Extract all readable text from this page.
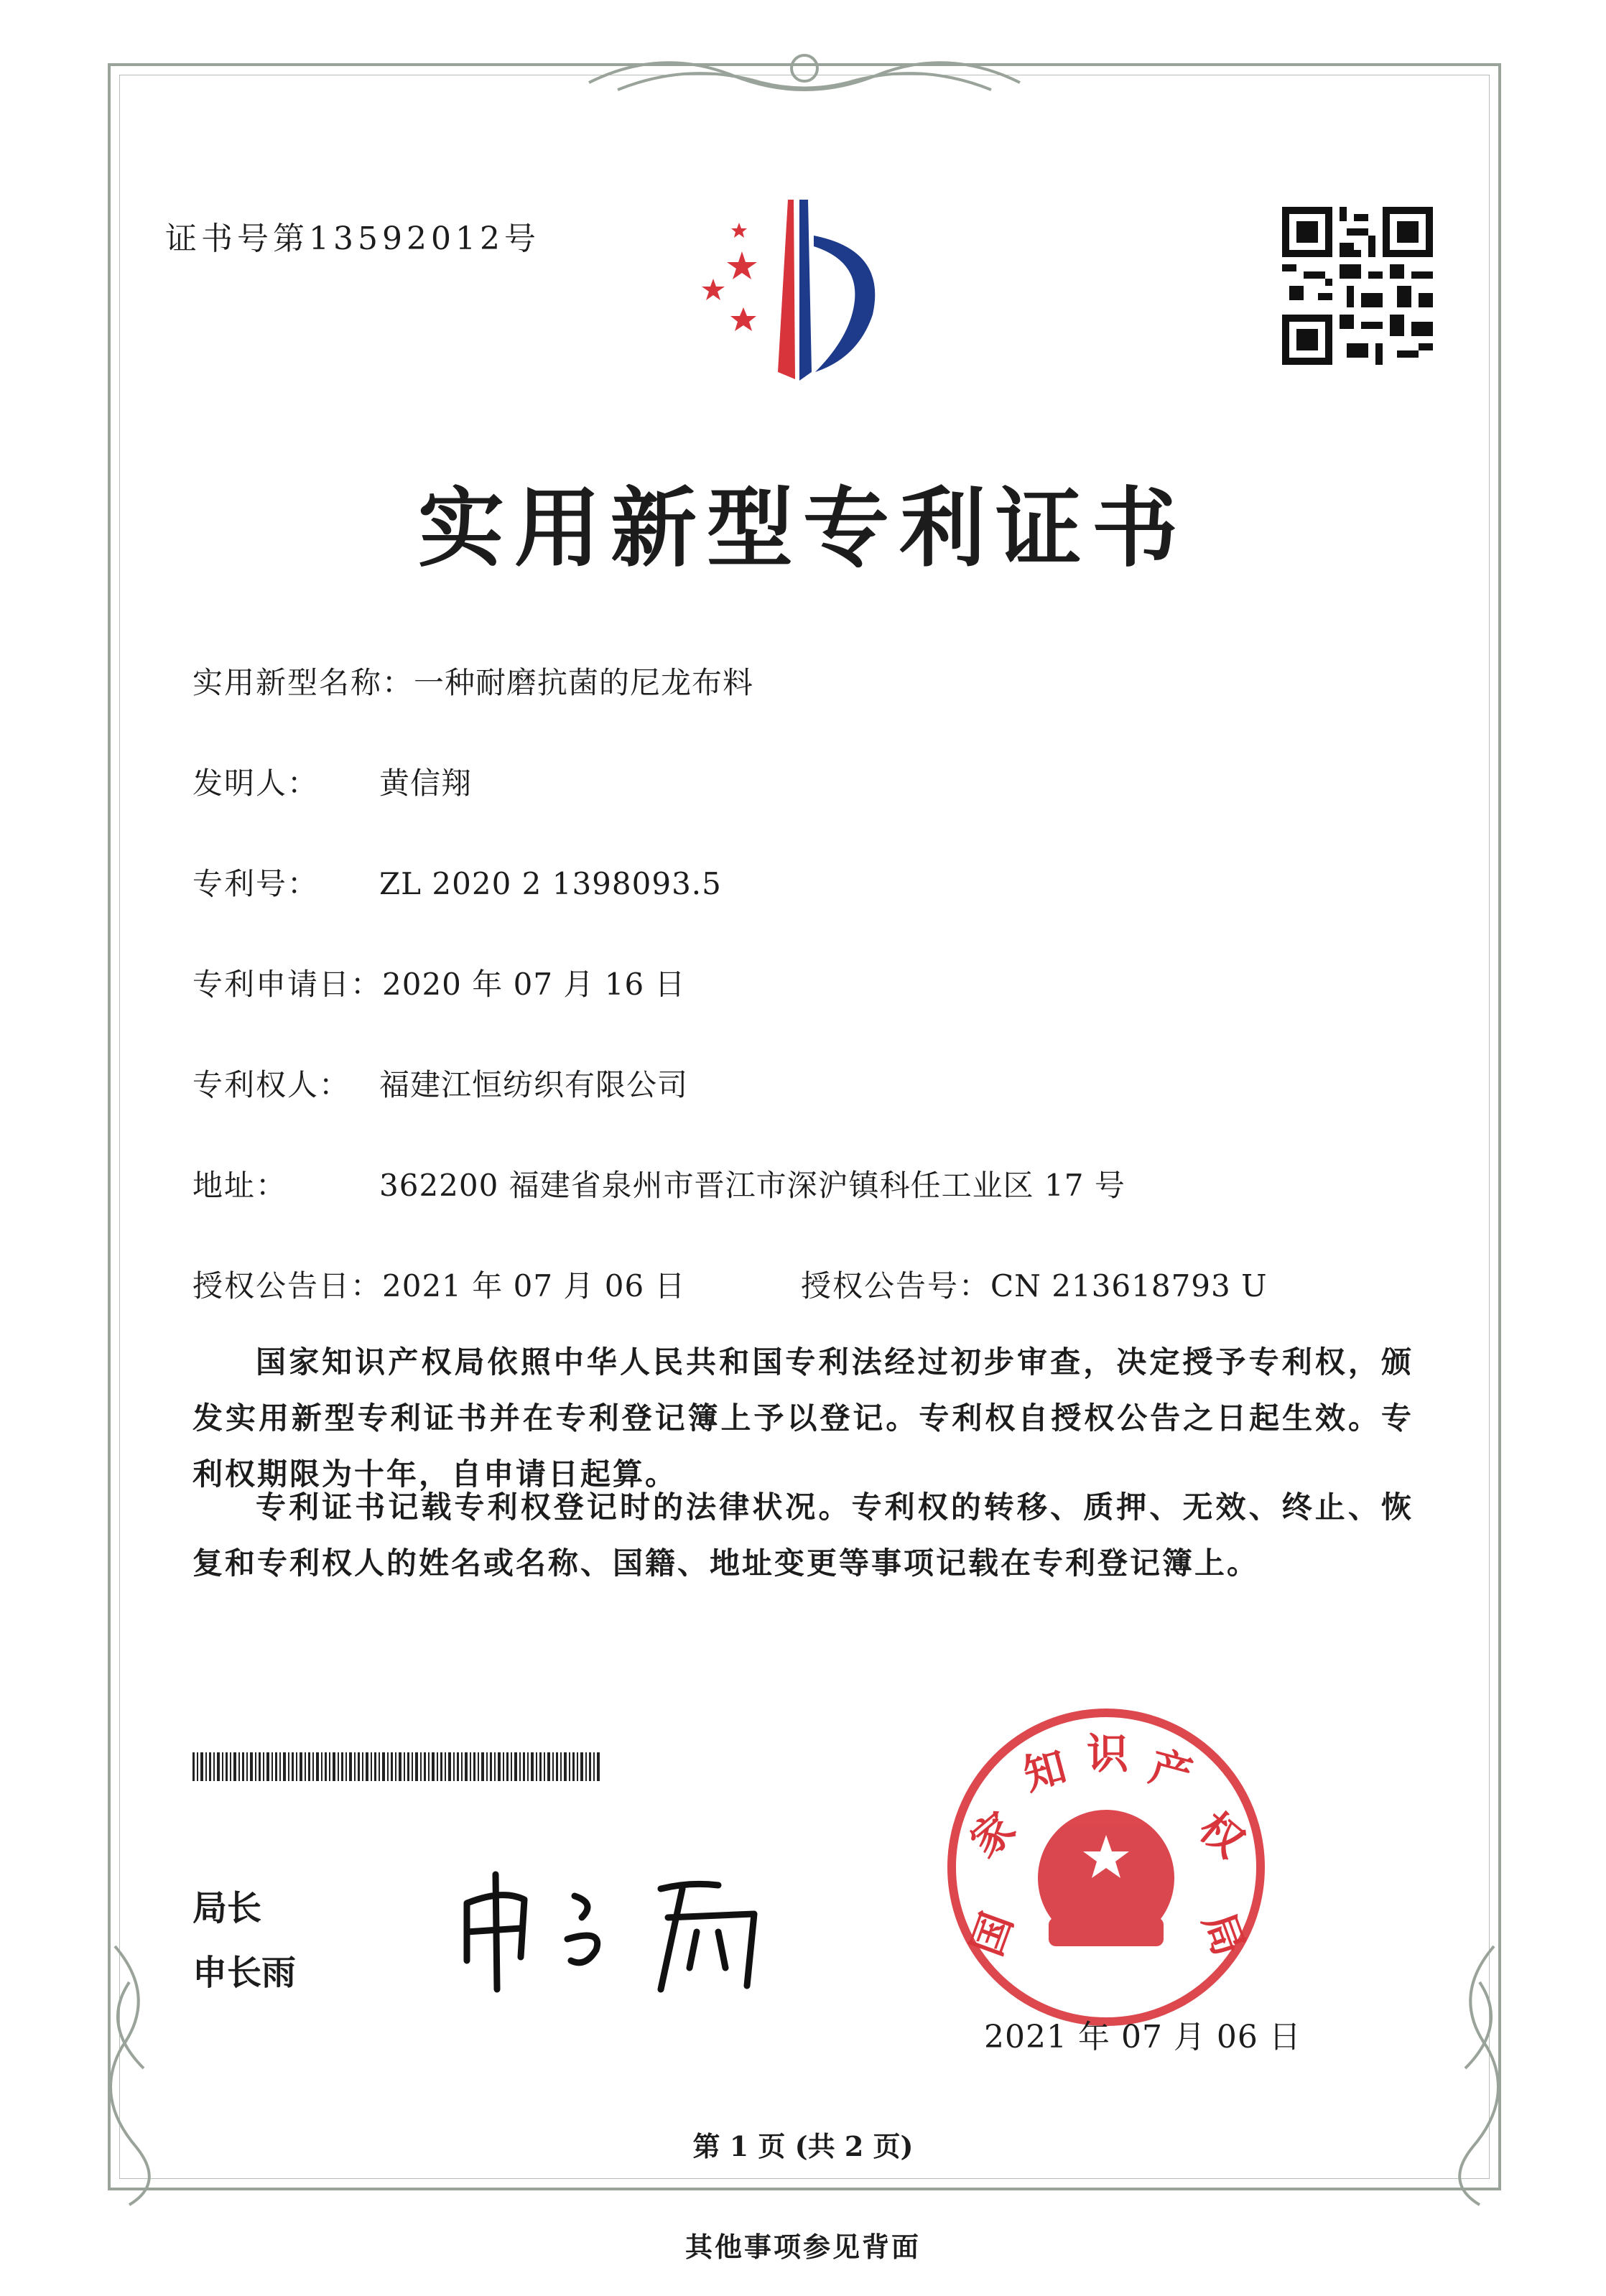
证书号第13592012号
实用新型专利证书
实用新型名称：一种耐磨抗菌的尼龙布料
发明人： 黄信翔
专利号： ZL 2020 2 1398093.5
专利申请日：2020 年 07 月 16 日
专利权人： 福建江恒纺织有限公司
地址：	362200 福建省泉州市晋江市深沪镇科任工业区 17 号
授权公告日：2021 年 07 月 06 日	授权公告号：CN 213618793 U
国家知识产权局依照中华人民共和国专利法经过初步审查，决定授予专利权，颁发实用新型专利证书并在专利登记簿上予以登记。专利权自授权公告之日起生效。专利权期限为十年，自申请日起算。
专利证书记载专利权登记时的法律状况。专利权的转移、质押、无效、终止、恢复和专利权人的姓名或名称、国籍、地址变更等事项记载在专利登记簿上。
局长
申长雨
国
家
知 识 产
权
局
2021 年 07 月 06 日
第 1 页 (共 2 页)
其他事项参见背面
